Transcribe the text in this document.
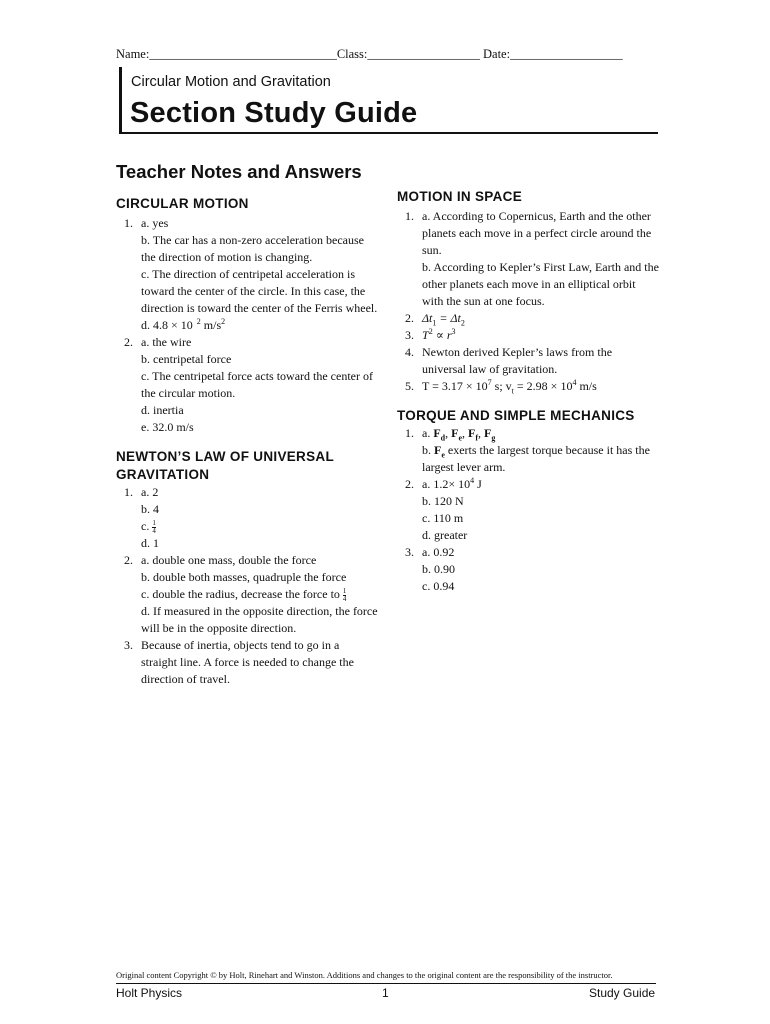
Name:______________________________Class:__________________ Date:__________________
Circular Motion and Gravitation
Section Study Guide
Teacher Notes and Answers
CIRCULAR MOTION
1. a. yes
b. The car has a non-zero acceleration because the direction of motion is changing.
c. The direction of centripetal acceleration is toward the center of the circle. In this case, the direction is toward the center of the Ferris wheel.
d. 4.8 × 10 $^2$ $m/s^2$
2. a. the wire
b. centripetal force
c. The centripetal force acts toward the center of the circular motion.
d. inertia
e. 32.0 m/s
NEWTON’S LAW OF UNIVERSAL GRAVITATION
1. a. 2
b. 4
c. $\frac{1}{4}$
d. 1
2. a. double one mass, double the force
b. double both masses, quadruple the force
c. double the radius, decrease the force to $\frac{1}{4}$
d. If measured in the opposite direction, the force will be in the opposite direction.
3. Because of inertia, objects tend to go in a straight line. A force is needed to change the direction of travel.
MOTION IN SPACE
1. a. According to Copernicus, Earth and the other planets each move in a perfect circle around the sun.
b. According to Kepler’s First Law, Earth and the other planets each move in an elliptical orbit with the sun at one focus.
2. $\Delta t_1 = \Delta t_2$
3. $T^2 \propto r^3$
4. Newton derived Kepler’s laws from the universal law of gravitation.
5. $T = 3.17 \times 10^7$ s; $v_t = 2.98 \times 10^4$ m/s
TORQUE AND SIMPLE MECHANICS
1. a. $F_d$, $F_e$, $F_f$, $F_g$
b. $F_e$ exerts the largest torque because it has the largest lever arm.
2. a. $1.2\times 10^4$ J
b. 120 N
c. 110 m
d. greater
3. a. 0.92
b. 0.90
c. 0.94
Original content Copyright © by Holt, Rinehart and Winston. Additions and changes to the original content are the responsibility of the instructor.
Holt Physics	1	Study Guide
